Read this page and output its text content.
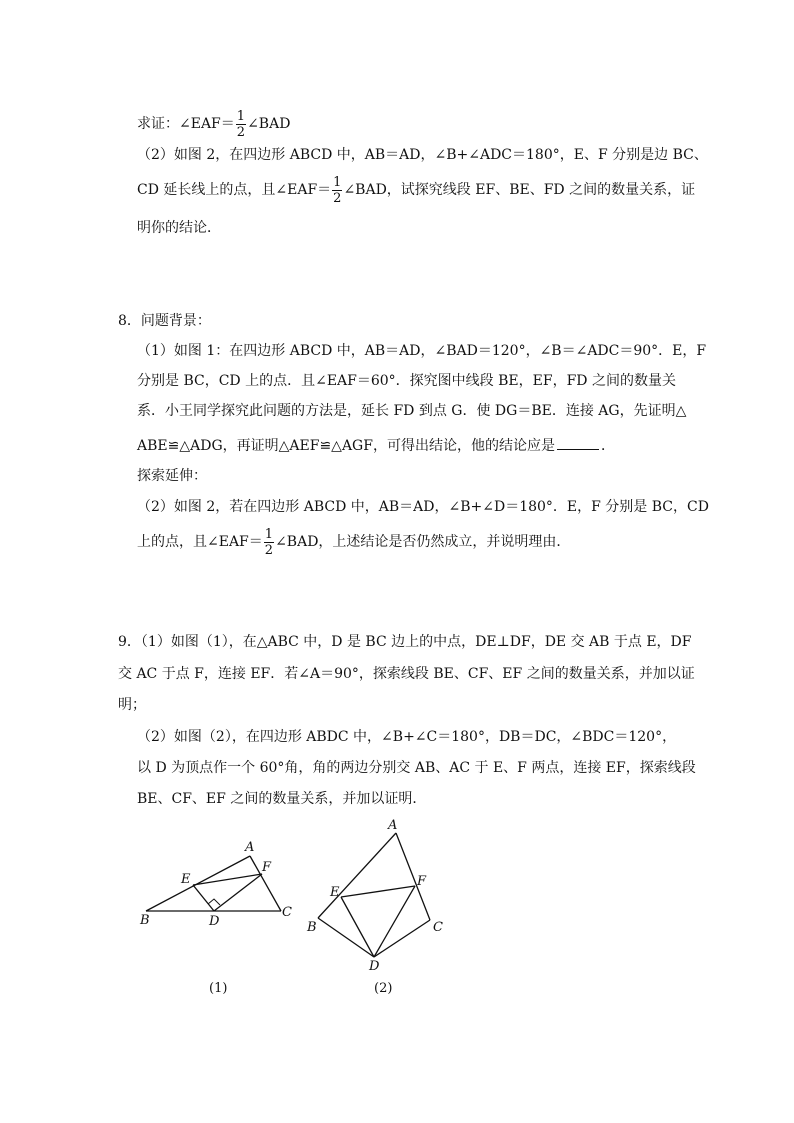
求证：∠EAF＝ $\frac{1}{2}$ ∠BAD
（2）如图 2，在四边形 ABCD 中，AB＝AD，∠B+∠ADC＝180°，E、F 分别是边 BC、
CD 延长线上的点，且∠EAF＝ $\frac{1}{2}$ ∠BAD，试探究线段 EF、BE、FD 之间的数量关系，证
明你的结论．
8．问题背景：
（1）如图 1：在四边形 ABCD 中，AB＝AD，∠BAD＝120°，∠B＝∠ADC＝90°．E，F
分别是 BC，CD 上的点．且∠EAF＝60°．探究图中线段 BE，EF，FD 之间的数量关
系．小王同学探究此问题的方法是，延长 FD 到点 G．使 DG＝BE．连接 AG，先证明△
ABE≌△ADG，再证明△AEF≌△AGF，可得出结论，他的结论应是	．
探索延伸：
（2）如图 2，若在四边形 ABCD 中，AB＝AD，∠B+∠D＝180°．E，F 分别是 BC，CD
上的点，且∠EAF＝ $\frac{1}{2}$ ∠BAD，上述结论是否仍然成立，并说明理由．
9．（1）如图（1），在△ABC 中，D 是 BC 边上的中点，DE⊥DF，DE 交 AB 于点 E，DF
交 AC 于点 F，连接 EF．若∠A＝90°，探索线段 BE、CF、EF 之间的数量关系，并加以证
明；
（2）如图（2），在四边形 ABDC 中，∠B+∠C＝180°，DB＝DC，∠BDC＝120°，
以 D 为顶点作一个 60°角，角的两边分别交 AB、AC 于 E、F 两点，连接 EF，探索线段
BE、CF、EF 之间的数量关系，并加以证明．
A
B
C
D
E
F
(1)
A
B	C
D
E
F
(2)
